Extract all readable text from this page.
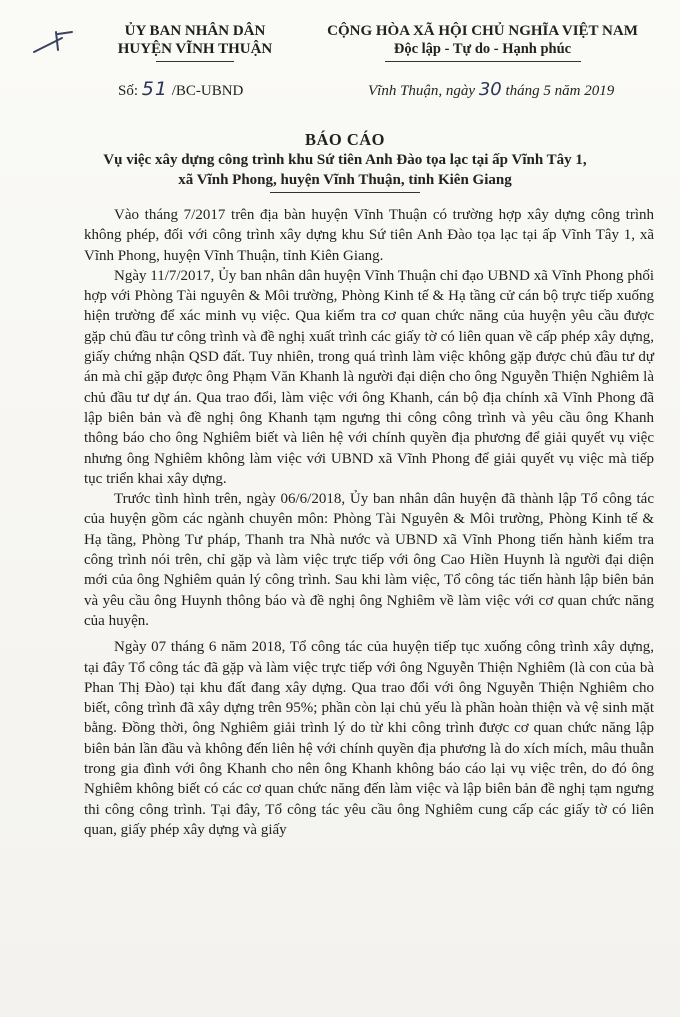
ỦY BAN NHÂN DÂN
HUYỆN VĨNH THUẬN
Số: 51 /BC-UBND
CỘNG HÒA XÃ HỘI CHỦ NGHĨA VIỆT NAM
Độc lập - Tự do - Hạnh phúc
Vĩnh Thuận, ngày 30 tháng 5 năm 2019
BÁO CÁO
Vụ việc xây dựng công trình khu Sứ tiên Anh Đào tọa lạc tại ấp Vĩnh Tây 1,
xã Vĩnh Phong, huyện Vĩnh Thuận, tỉnh Kiên Giang

Vào tháng 7/2017 trên địa bàn huyện Vĩnh Thuận có trường hợp xây dựng công trình không phép, đối với công trình xây dựng khu Sứ tiên Anh Đào tọa lạc tại ấp Vĩnh Tây 1, xã Vĩnh Phong, huyện Vĩnh Thuận, tỉnh Kiên Giang.

Ngày 11/7/2017, Ủy ban nhân dân huyện Vĩnh Thuận chỉ đạo UBND xã Vĩnh Phong phối hợp với Phòng Tài nguyên & Môi trường, Phòng Kinh tế & Hạ tầng cử cán bộ trực tiếp xuống hiện trường để xác minh vụ việc. Qua kiểm tra cơ quan chức năng của huyện yêu cầu được gặp chủ đầu tư công trình và đề nghị xuất trình các giấy tờ có liên quan về cấp phép xây dựng, giấy chứng nhận QSD đất. Tuy nhiên, trong quá trình làm việc không gặp được chủ đầu tư dự án mà chỉ gặp được ông Phạm Văn Khanh là người đại diện cho ông Nguyễn Thiện Nghiêm là chủ đầu tư dự án. Qua trao đổi, làm việc với ông Khanh, cán bộ địa chính xã Vĩnh Phong đã lập biên bản và đề nghị ông Khanh tạm ngưng thi công công trình và yêu cầu ông Khanh thông báo cho ông Nghiêm biết và liên hệ với chính quyền địa phương để giải quyết vụ việc nhưng ông Nghiêm không làm việc với UBND xã Vĩnh Phong để giải quyết vụ việc mà tiếp tục triển khai xây dựng.

Trước tình hình trên, ngày 06/6/2018, Ủy ban nhân dân huyện đã thành lập Tổ công tác của huyện gồm các ngành chuyên môn: Phòng Tài Nguyên & Môi trường, Phòng Kinh tế & Hạ tầng, Phòng Tư pháp, Thanh tra Nhà nước và UBND xã Vĩnh Phong tiến hành kiểm tra công trình nói trên, chỉ gặp và làm việc trực tiếp với ông Cao Hiền Huynh là người đại diện mới của ông Nghiêm quản lý công trình. Sau khi làm việc, Tổ công tác tiến hành lập biên bản và yêu cầu ông Huynh thông báo và đề nghị ông Nghiêm về làm việc với cơ quan chức năng của huyện.

Ngày 07 tháng 6 năm 2018, Tổ công tác của huyện tiếp tục xuống công trình xây dựng, tại đây Tổ công tác đã gặp và làm việc trực tiếp với ông Nguyễn Thiện Nghiêm (là con của bà Phan Thị Đào) tại khu đất đang xây dựng. Qua trao đổi với ông Nguyễn Thiện Nghiêm cho biết, công trình đã xây dựng trên 95%; phần còn lại chủ yếu là phần hoàn thiện và vệ sinh mặt bằng. Đồng thời, ông Nghiêm giải trình lý do từ khi công trình được cơ quan chức năng lập biên bản lần đầu và không đến liên hệ với chính quyền địa phương là do xích mích, mâu thuẫn trong gia đình với ông Khanh cho nên ông Khanh không báo cáo lại vụ việc trên, do đó ông Nghiêm không biết có các cơ quan chức năng đến làm việc và lập biên bản đề nghị tạm ngưng thi công công trình. Tại đây, Tổ công tác yêu cầu ông Nghiêm cung cấp các giấy tờ có liên quan, giấy phép xây dựng và giấy
